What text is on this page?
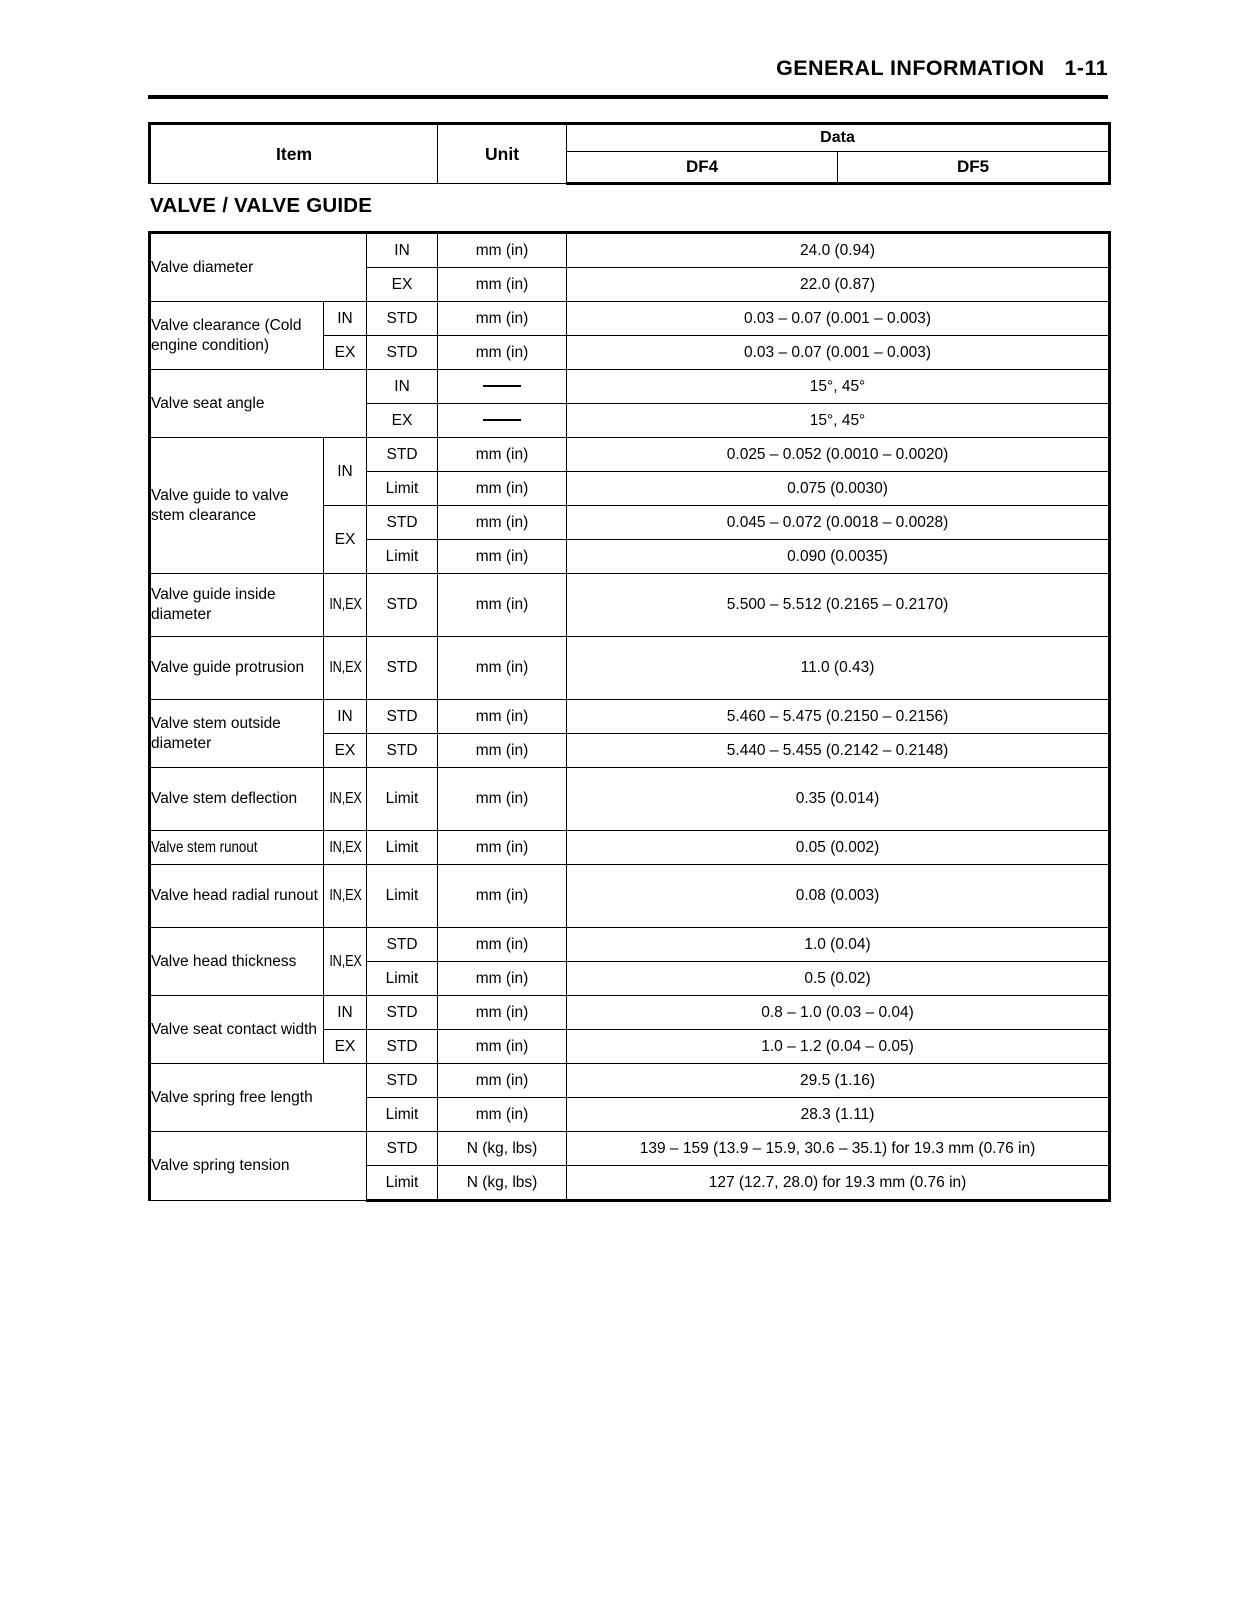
GENERAL INFORMATION 1-11
Item	Unit	Data	
		DF4	DF5
VALVE / VALVE GUIDE
Valve diameter		IN	mm (in)	24.0 (0.94)
		EX	mm (in)	22.0 (0.87)
Valve clearance (Cold engine condition)	IN	STD	mm (in)	0.03 – 0.07 (0.001 – 0.003)
	EX	STD	mm (in)	0.03 – 0.07 (0.001 – 0.003)
Valve seat angle		IN		15°, 45°
		EX		15°, 45°
Valve guide to valve stem clearance	IN	STD	mm (in)	0.025 – 0.052 (0.0010 – 0.0020)
		Limit	mm (in)	0.075 (0.0030)
	EX	STD	mm (in)	0.045 – 0.072 (0.0018 – 0.0028)
		Limit	mm (in)	0.090 (0.0035)
Valve guide inside diameter	IN,EX	STD	mm (in)	5.500 – 5.512 (0.2165 – 0.2170)
Valve guide protrusion	IN,EX	STD	mm (in)	11.0 (0.43)
Valve stem outside diameter	IN	STD	mm (in)	5.460 – 5.475 (0.2150 – 0.2156)
	EX	STD	mm (in)	5.440 – 5.455 (0.2142 – 0.2148)
Valve stem deflection	IN,EX	Limit	mm (in)	0.35 (0.014)
Valve stem runout	IN,EX	Limit	mm (in)	0.05 (0.002)
Valve head radial runout	IN,EX	Limit	mm (in)	0.08 (0.003)
Valve head thickness	IN,EX	STD	mm (in)	1.0 (0.04)
		Limit	mm (in)	0.5 (0.02)
Valve seat contact width	IN	STD	mm (in)	0.8 – 1.0 (0.03 – 0.04)
	EX	STD	mm (in)	1.0 – 1.2 (0.04 – 0.05)
Valve spring free length		STD	mm (in)	29.5 (1.16)
		Limit	mm (in)	28.3 (1.11)
Valve spring tension		STD	N (kg, lbs)	139 – 159 (13.9 – 15.9, 30.6 – 35.1) for 19.3 mm (0.76 in)
		Limit	N (kg, lbs)	127 (12.7, 28.0) for 19.3 mm (0.76 in)
